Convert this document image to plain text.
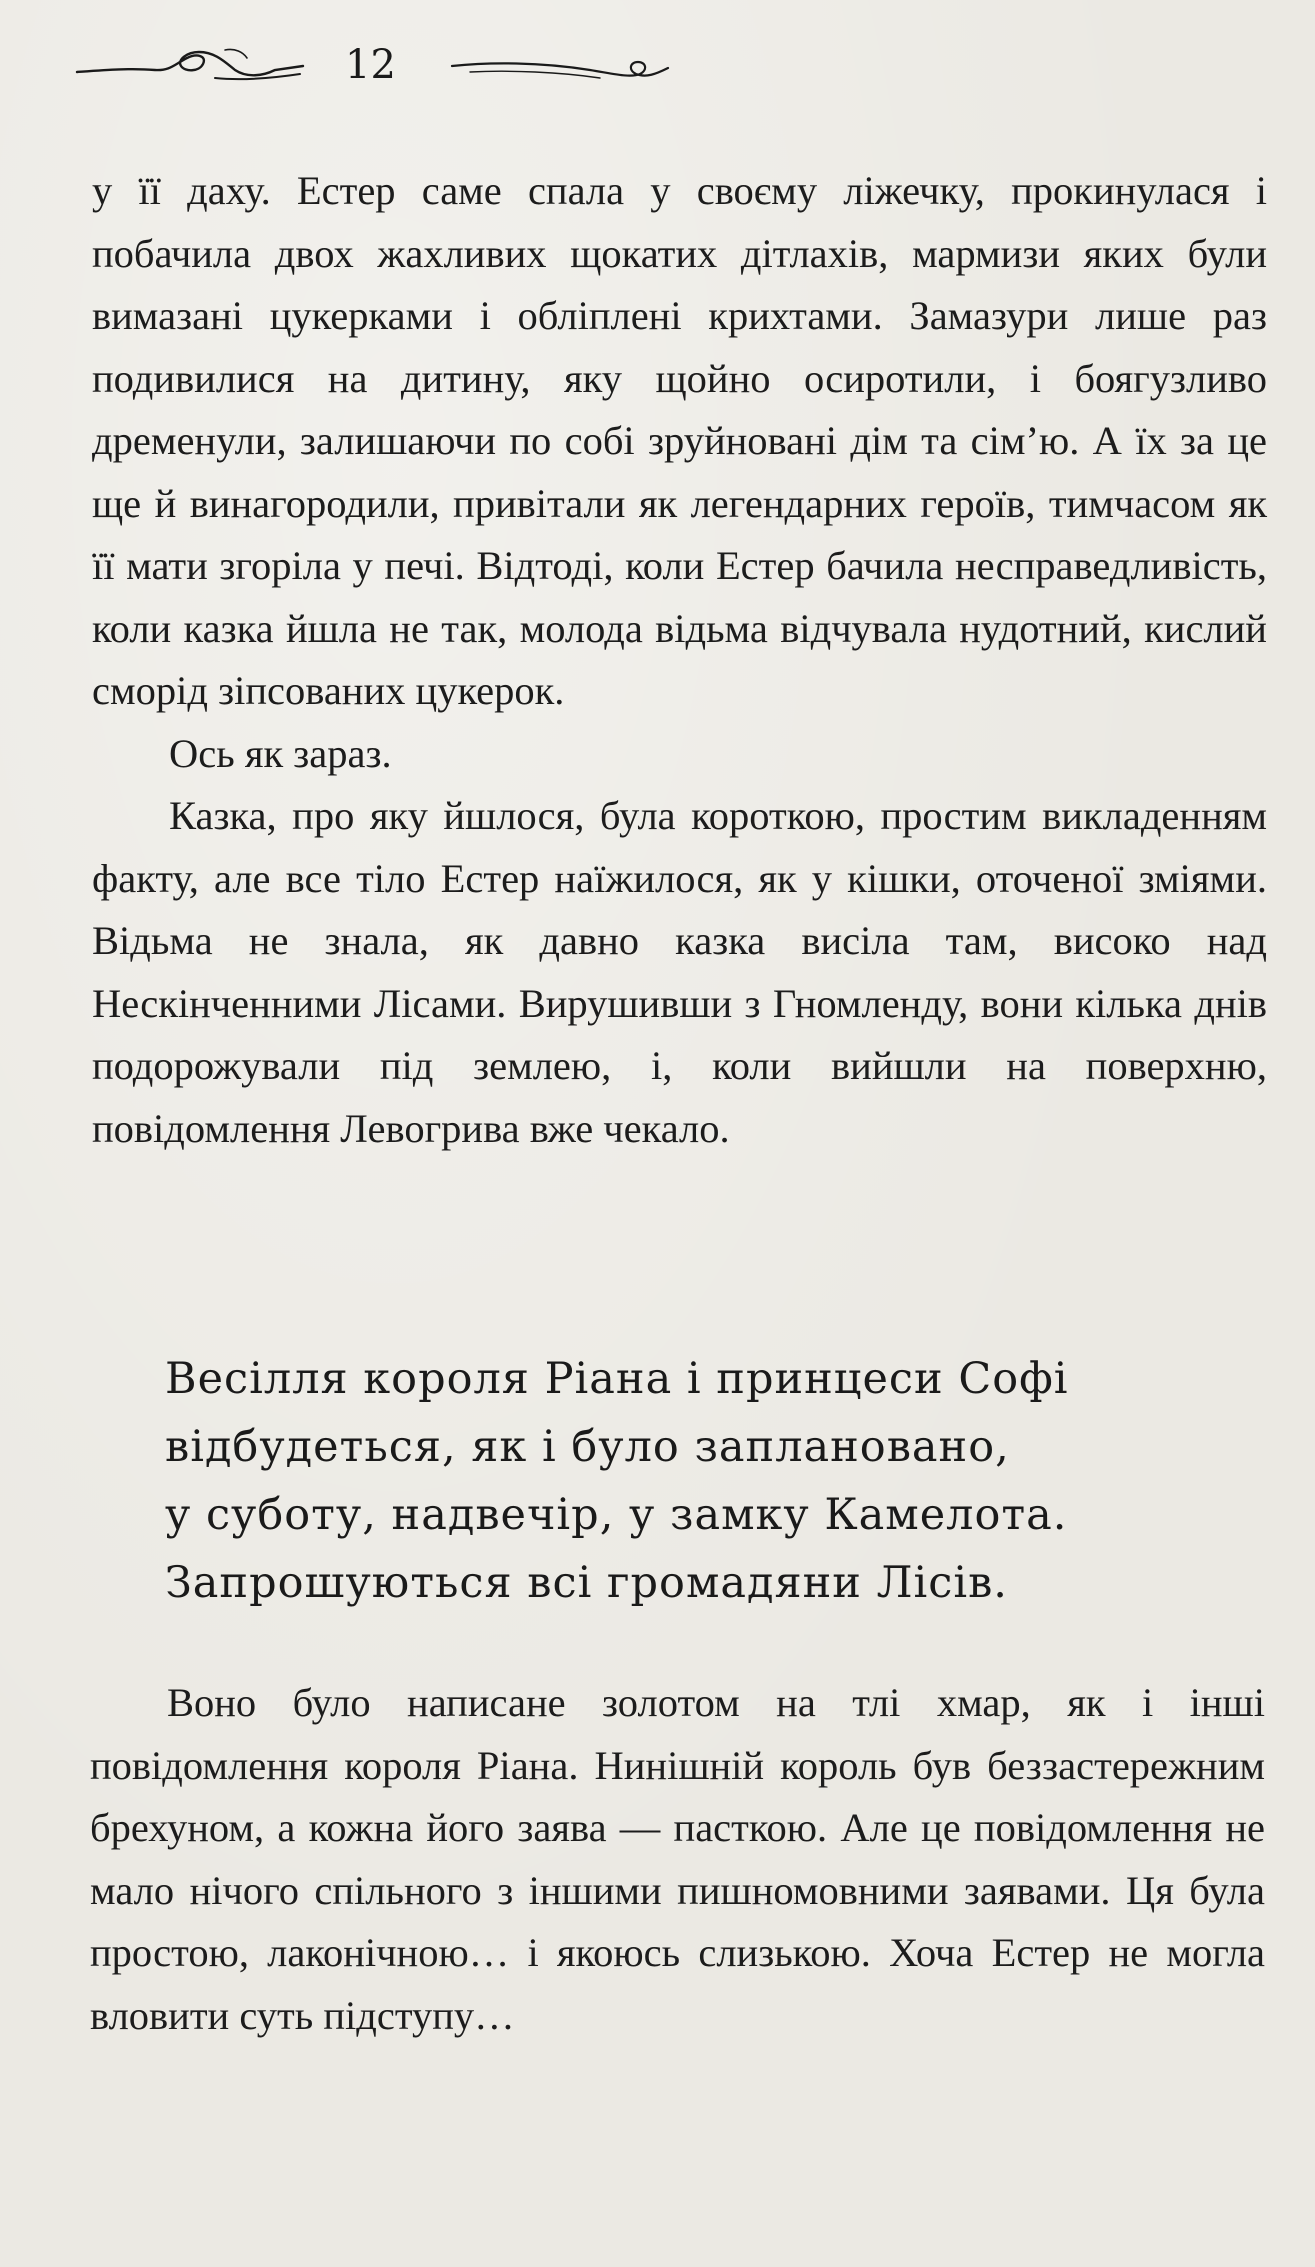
12

у її даху. Естер саме спала у своєму ліжечку, прокинулася і побачила двох жахливих щокатих дітлахів, мармизи яких були вимазані цукерками і обліплені крихтами. Замазури лише раз подивилися на дитину, яку щойно осиротили, і боягузливо дременули, залишаючи по собі зруйновані дім та сім’ю. А їх за це ще й винагородили, привітали як легендарних героїв, тимчасом як її мати згоріла у печі. Відтоді, коли Естер бачила несправедливість, коли казка йшла не так, молода відьма відчувала нудотний, кислий сморід зіпсованих цукерок.

Ось як зараз.

Казка, про яку йшлося, була короткою, простим викладенням факту, але все тіло Естер наїжилося, як у кішки, оточеної зміями. Відьма не знала, як давно казка висіла там, високо над Нескінченними Лісами. Вирушивши з Гномленду, вони кілька днів подорожували під землею, і, коли вийшли на поверхню, повідомлення Левогрива вже чекало.

Весілля короля Ріана і принцеси Софі
відбудеться, як і було заплановано,
у суботу, надвечір, у замку Камелота.
Запрошуються всі громадяни Лісів.

Воно було написане золотом на тлі хмар, як і інші повідомлення короля Ріана. Нинішній король був беззастережним брехуном, а кожна його заява — пасткою. Але це повідомлення не мало нічого спільного з іншими пишномовними заявами. Ця була простою, лаконічною… і якоюсь слизькою. Хоча Естер не могла вловити суть підступу…
